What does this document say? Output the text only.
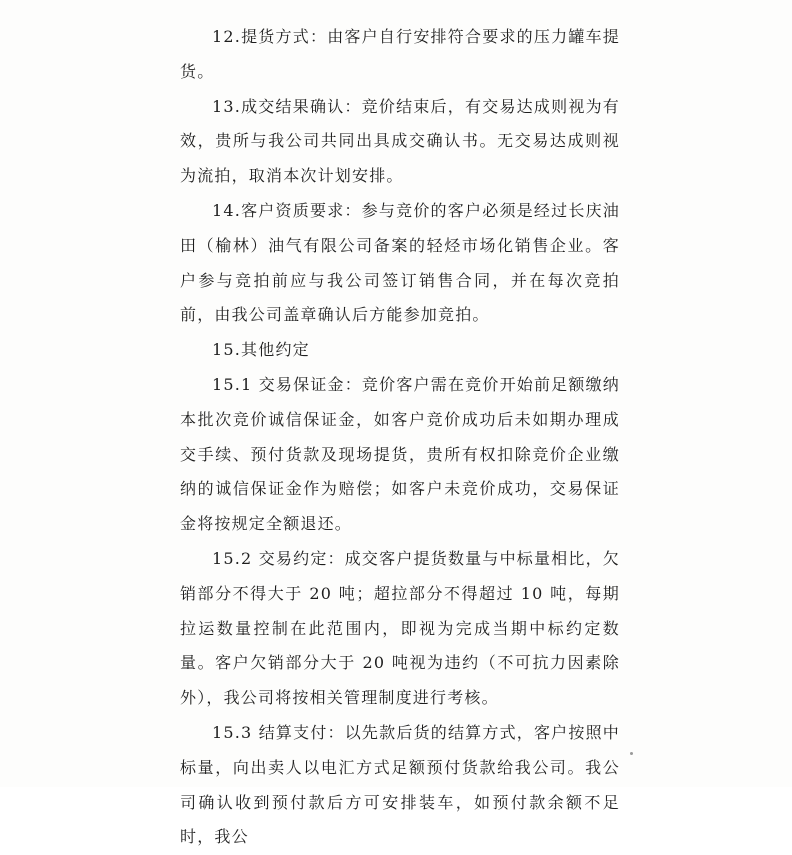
12.提货方式：由客户自行安排符合要求的压力罐车提货。

13.成交结果确认：竞价结束后，有交易达成则视为有效，贵所与我公司共同出具成交确认书。无交易达成则视为流拍，取消本次计划安排。

14.客户资质要求：参与竞价的客户必须是经过长庆油田（榆林）油气有限公司备案的轻烃市场化销售企业。客户参与竞拍前应与我公司签订销售合同，并在每次竞拍前，由我公司盖章确认后方能参加竞拍。

15.其他约定

15.1 交易保证金：竞价客户需在竞价开始前足额缴纳本批次竞价诚信保证金，如客户竞价成功后未如期办理成交手续、预付货款及现场提货，贵所有权扣除竞价企业缴纳的诚信保证金作为赔偿；如客户未竞价成功，交易保证金将按规定全额退还。

15.2 交易约定：成交客户提货数量与中标量相比，欠销部分不得大于 20 吨；超拉部分不得超过 10 吨，每期拉运数量控制在此范围内，即视为完成当期中标约定数量。客户欠销部分大于 20 吨视为违约（不可抗力因素除外），我公司将按相关管理制度进行考核。

15.3 结算支付：以先款后货的结算方式，客户按照中标量，向出卖人以电汇方式足额预付货款给我公司。我公司确认收到预付款后方可安排装车，如预付款余额不足时，我公
